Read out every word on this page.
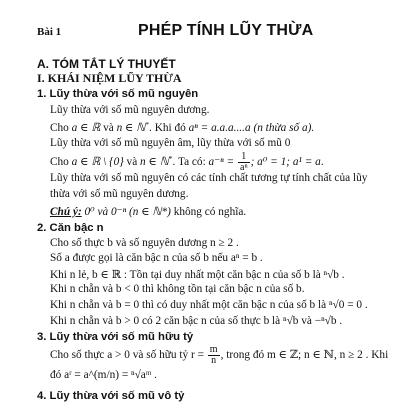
Bài 1	PHÉP TÍNH LŨY THỪA
A. TÓM TẮT LÝ THUYẾT
I. KHÁI NIỆM LŨY THỪA
1. Lũy thừa với số mũ nguyên
Lũy thừa với số mũ nguyên dương.
Cho a ∈ ℝ và n ∈ ℕ*. Khi đó aⁿ = a.a.a....a (n thừa số a).
Lũy thừa với số mũ nguyên âm, lũy thừa với số mũ 0
Cho a ∈ ℝ \ {0} và n ∈ ℕ*. Ta có: $a^{-n} = \frac{1}{\text{aⁿ}}$ ; a⁰ = 1; a¹ = a.
Lũy thừa với số mũ nguyên có các tính chất tương tự tính chất của lũy
thừa với số mũ nguyên dương.
Chú ý: 0⁰ và 0⁻ⁿ (n ∈ ℕ*) không có nghĩa.
2. Căn bậc n
Cho số thực b và số nguyên dương n ≥ 2 .
Số a được gọi là căn bậc n của số b nếu aⁿ = b .
Khi n lẻ, b ∈ ℝ : Tồn tại duy nhất một căn bậc n của số b là ⁿ√b .
Khi n chẵn và b < 0 thì không tồn tại căn bậc n của số b.
Khi n chẵn và b = 0 thì có duy nhất một căn bậc n của số b là ⁿ√0 = 0 .
Khi n chẵn và b > 0 có 2 căn bậc n của số thực b là ⁿ√b và −ⁿ√b .
3. Lũy thừa với số mũ hữu tỷ
Cho số thực a > 0 và số hữu tỷ $r = \frac{m}{n}$ , trong đó m ∈ ℤ; n ∈ ℕ, n ≥ 2 . Khi
đó aʳ = a^(m/n) = ⁿ√aᵐ .
4. Lũy thừa với số mũ vô tỷ
